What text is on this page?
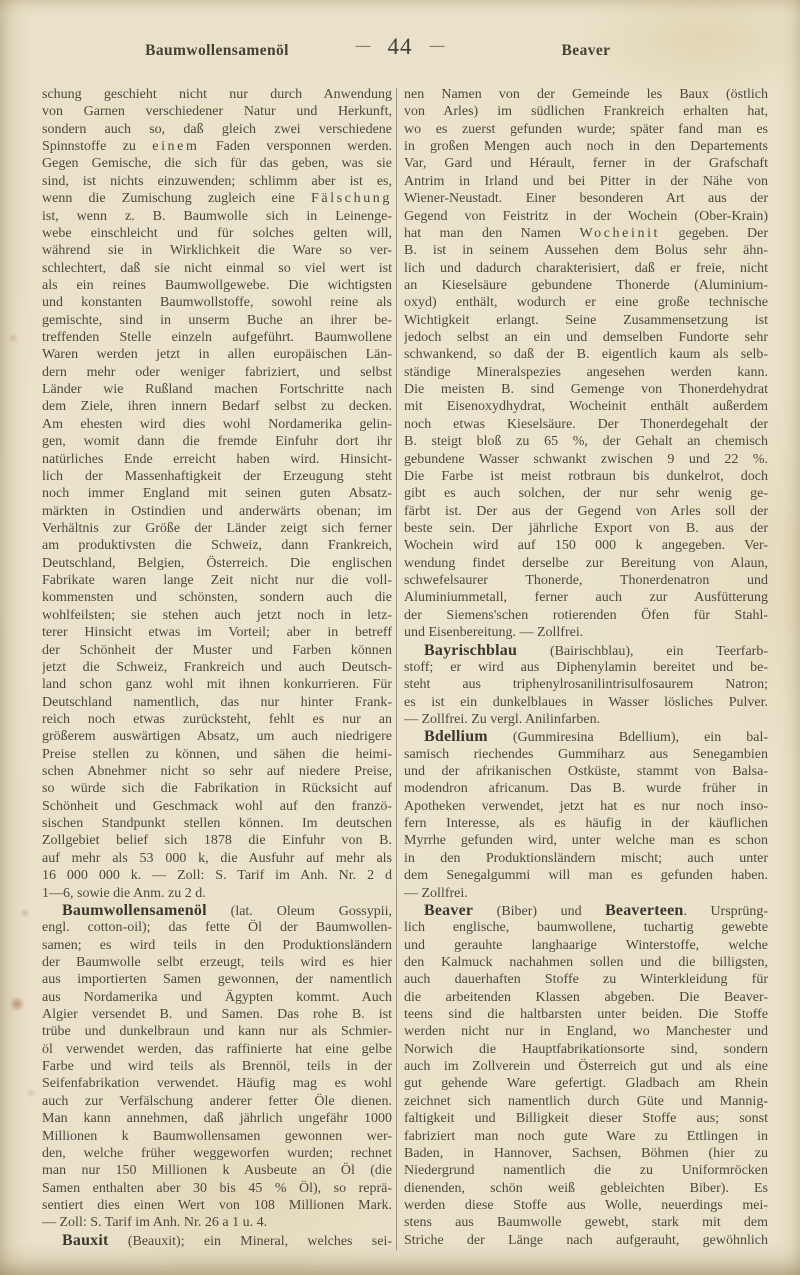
Baumwollensamenöl	— 44 —	Beaver
schung geschieht nicht nur durch Anwendung
von Garnen verschiedener Natur und Herkunft,
sondern auch so, daß gleich zwei verschiedene
Spinnstoffe zu einem Faden versponnen werden.
Gegen Gemische, die sich für das geben, was sie
sind, ist nichts einzuwenden; schlimm aber ist es,
wenn die Zumischung zugleich eine Fälschung
ist, wenn z. B. Baumwolle sich in Leinenge-
webe einschleicht und für solches gelten will,
während sie in Wirklichkeit die Ware so ver-
schlechtert, daß sie nicht einmal so viel wert ist
als ein reines Baumwollgewebe. Die wichtigsten
und konstanten Baumwollstoffe, sowohl reine als
gemischte, sind in unserm Buche an ihrer be-
treffenden Stelle einzeln aufgeführt. Baumwollene
Waren werden jetzt in allen europäischen Län-
dern mehr oder weniger fabriziert, und selbst
Länder wie Rußland machen Fortschritte nach
dem Ziele, ihren innern Bedarf selbst zu decken.
Am ehesten wird dies wohl Nordamerika gelin-
gen, womit dann die fremde Einfuhr dort ihr
natürliches Ende erreicht haben wird. Hinsicht-
lich der Massenhaftigkeit der Erzeugung steht
noch immer England mit seinen guten Absatz-
märkten in Ostindien und anderwärts obenan; im
Verhältnis zur Größe der Länder zeigt sich ferner
am produktivsten die Schweiz, dann Frankreich,
Deutschland, Belgien, Österreich. Die englischen
Fabrikate waren lange Zeit nicht nur die voll-
kommensten und schönsten, sondern auch die
wohlfeilsten; sie stehen auch jetzt noch in letz-
terer Hinsicht etwas im Vorteil; aber in betreff
der Schönheit der Muster und Farben können
jetzt die Schweiz, Frankreich und auch Deutsch-
land schon ganz wohl mit ihnen konkurrieren. Für
Deutschland namentlich, das nur hinter Frank-
reich noch etwas zurücksteht, fehlt es nur an
größerem auswärtigen Absatz, um auch niedrigere
Preise stellen zu können, und sähen die heimi-
schen Abnehmer nicht so sehr auf niedere Preise,
so würde sich die Fabrikation in Rücksicht auf
Schönheit und Geschmack wohl auf den franzö-
sischen Standpunkt stellen können. Im deutschen
Zollgebiet belief sich 1878 die Einfuhr von B.
auf mehr als 53 000 k, die Ausfuhr auf mehr als
16 000 000 k. — Zoll: S. Tarif im Anh. Nr. 2 d
1—6, sowie die Anm. zu 2 d.
Baumwollensamenöl (lat. Oleum Gossypii,
engl. cotton-oil); das fette Öl der Baumwollen-
samen; es wird teils in den Produktionsländern
der Baumwolle selbt erzeugt, teils wird es hier
aus importierten Samen gewonnen, der namentlich
aus Nordamerika und Ägypten kommt. Auch
Algier versendet B. und Samen. Das rohe B. ist
trübe und dunkelbraun und kann nur als Schmier-
öl verwendet werden, das raffinierte hat eine gelbe
Farbe und wird teils als Brennöl, teils in der
Seifenfabrikation verwendet. Häufig mag es wohl
auch zur Verfälschung anderer fetter Öle dienen.
Man kann annehmen, daß jährlich ungefähr 1000
Millionen k Baumwollensamen gewonnen wer-
den, welche früher weggeworfen wurden; rechnet
man nur 150 Millionen k Ausbeute an Öl (die
Samen enthalten aber 30 bis 45 % Öl), so reprä-
sentiert dies einen Wert von 108 Millionen Mark.
— Zoll: S. Tarif im Anh. Nr. 26 a 1 u. 4.
Bauxit (Beauxit); ein Mineral, welches sei-
nen Namen von der Gemeinde les Baux (östlich
von Arles) im südlichen Frankreich erhalten hat,
wo es zuerst gefunden wurde; später fand man es
in großen Mengen auch noch in den Departements
Var, Gard und Hérault, ferner in der Grafschaft
Antrim in Irland und bei Pitter in der Nähe von
Wiener-Neustadt. Einer besonderen Art aus der
Gegend von Feistritz in der Wochein (Ober-Krain)
hat man den Namen Wocheinit gegeben. Der
B. ist in seinem Aussehen dem Bolus sehr ähn-
lich und dadurch charakterisiert, daß er freie, nicht
an Kieselsäure gebundene Thonerde (Aluminium-
oxyd) enthält, wodurch er eine große technische
Wichtigkeit erlangt. Seine Zusammensetzung ist
jedoch selbst an ein und demselben Fundorte sehr
schwankend, so daß der B. eigentlich kaum als selb-
ständige Mineralspezies angesehen werden kann.
Die meisten B. sind Gemenge von Thonerdehydrat
mit Eisenoxydhydrat, Wocheinit enthält außerdem
noch etwas Kieselsäure. Der Thonerdegehalt der
B. steigt bloß zu 65 %, der Gehalt an chemisch
gebundene Wasser schwankt zwischen 9 und 22 %.
Die Farbe ist meist rotbraun bis dunkelrot, doch
gibt es auch solchen, der nur sehr wenig ge-
färbt ist. Der aus der Gegend von Arles soll der
beste sein. Der jährliche Export von B. aus der
Wochein wird auf 150 000 k angegeben. Ver-
wendung findet derselbe zur Bereitung von Alaun,
schwefelsaurer Thonerde, Thonerdenatron und
Aluminiummetall, ferner auch zur Ausfütterung
der Siemens'schen rotierenden Öfen für Stahl-
und Eisenbereitung. — Zollfrei.
Bayrischblau (Bairischblau), ein Teerfarb-
stoff; er wird aus Diphenylamin bereitet und be-
steht aus triphenylrosanilintrisulfosaurem Natron;
es ist ein dunkelblaues in Wasser lösliches Pulver.
— Zollfrei. Zu vergl. Anilinfarben.
Bdellium (Gummiresina Bdellium), ein bal-
samisch riechendes Gummiharz aus Senegambien
und der afrikanischen Ostküste, stammt von Balsa-
modendron africanum. Das B. wurde früher in
Apotheken verwendet, jetzt hat es nur noch inso-
fern Interesse, als es häufig in der käuflichen
Myrrhe gefunden wird, unter welche man es schon
in den Produktionsländern mischt; auch unter
dem Senegalgummi will man es gefunden haben.
— Zollfrei.
Beaver (Biber) und Beaverteen. Ursprüng-
lich englische, baumwollene, tuchartig gewebte
und gerauhte langhaarige Winterstoffe, welche
den Kalmuck nachahmen sollen und die billigsten,
auch dauerhaften Stoffe zu Winterkleidung für
die arbeitenden Klassen abgeben. Die Beaver-
teens sind die haltbarsten unter beiden. Die Stoffe
werden nicht nur in England, wo Manchester und
Norwich die Hauptfabrikationsorte sind, sondern
auch im Zollverein und Österreich gut und als eine
gut gehende Ware gefertigt. Gladbach am Rhein
zeichnet sich namentlich durch Güte und Mannig-
faltigkeit und Billigkeit dieser Stoffe aus; sonst
fabriziert man noch gute Ware zu Ettlingen in
Baden, in Hannover, Sachsen, Böhmen (hier zu
Niedergrund namentlich die zu Uniformröcken
dienenden, schön weiß gebleichten Biber). Es
werden diese Stoffe aus Wolle, neuerdings mei-
stens aus Baumwolle gewebt, stark mit dem
Striche der Länge nach aufgerauht, gewöhnlich
